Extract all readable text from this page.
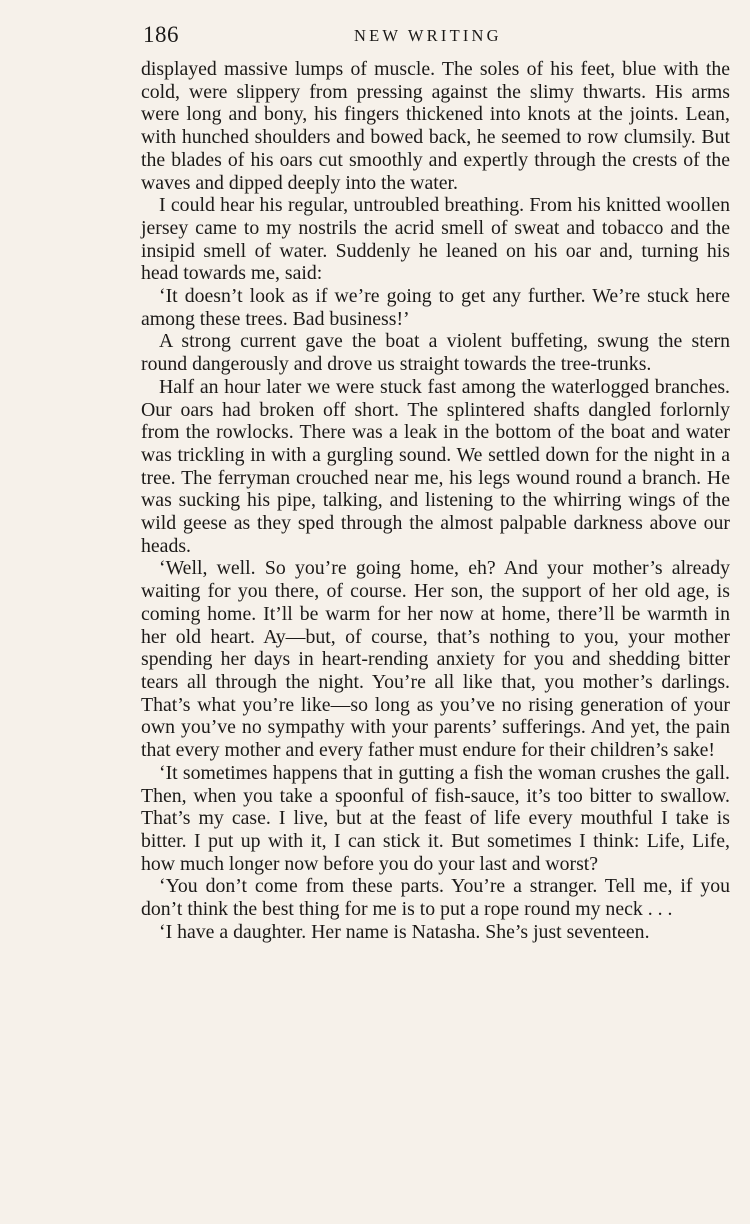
186	NEW WRITING

displayed massive lumps of muscle. The soles of his feet, blue with the cold, were slippery from pressing against the slimy thwarts. His arms were long and bony, his fingers thickened into knots at the joints. Lean, with hunched shoulders and bowed back, he seemed to row clumsily. But the blades of his oars cut smoothly and expertly through the crests of the waves and dipped deeply into the water.

I could hear his regular, untroubled breathing. From his knitted woollen jersey came to my nostrils the acrid smell of sweat and tobacco and the insipid smell of water. Suddenly he leaned on his oar and, turning his head towards me, said:

‘It doesn’t look as if we’re going to get any further. We’re stuck here among these trees. Bad business!’

A strong current gave the boat a violent buffeting, swung the stern round dangerously and drove us straight towards the tree-trunks.

Half an hour later we were stuck fast among the waterlogged branches. Our oars had broken off short. The splintered shafts dangled forlornly from the rowlocks. There was a leak in the bottom of the boat and water was trickling in with a gurgling sound. We settled down for the night in a tree. The ferryman crouched near me, his legs wound round a branch. He was sucking his pipe, talking, and listening to the whirring wings of the wild geese as they sped through the almost palpable darkness above our heads.

‘Well, well. So you’re going home, eh? And your mother’s already waiting for you there, of course. Her son, the support of her old age, is coming home. It’ll be warm for her now at home, there’ll be warmth in her old heart. Ay—but, of course, that’s nothing to you, your mother spending her days in heart-rending anxiety for you and shedding bitter tears all through the night. You’re all like that, you mother’s darlings. That’s what you’re like—so long as you’ve no rising generation of your own you’ve no sympathy with your parents’ sufferings. And yet, the pain that every mother and every father must endure for their children’s sake!

‘It sometimes happens that in gutting a fish the woman crushes the gall. Then, when you take a spoonful of fish-sauce, it’s too bitter to swallow. That’s my case. I live, but at the feast of life every mouthful I take is bitter. I put up with it, I can stick it. But sometimes I think: Life, Life, how much longer now before you do your last and worst?

‘You don’t come from these parts. You’re a stranger. Tell me, if you don’t think the best thing for me is to put a rope round my neck . . .

‘I have a daughter. Her name is Natasha. She’s just seventeen.
